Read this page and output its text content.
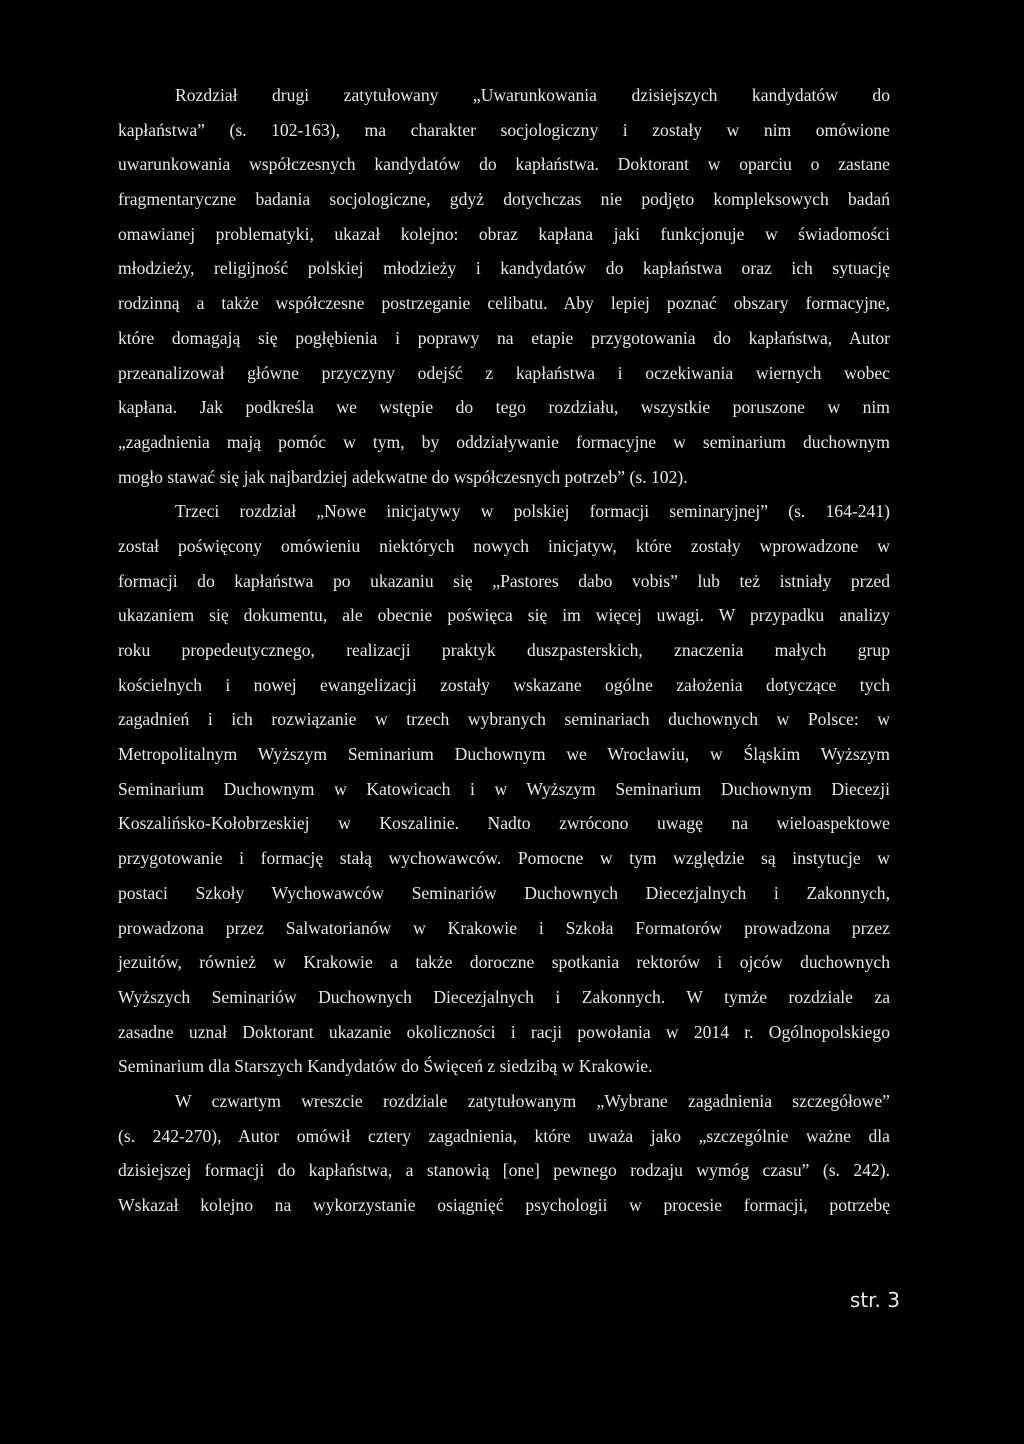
Rozdział drugi zatytułowany „Uwarunkowania dzisiejszych kandydatów do
kapłaństwa” (s. 102-163), ma charakter socjologiczny i zostały w nim omówione
uwarunkowania współczesnych kandydatów do kapłaństwa. Doktorant w oparciu o zastane
fragmentaryczne badania socjologiczne, gdyż dotychczas nie podjęto kompleksowych badań
omawianej problematyki, ukazał kolejno: obraz kapłana jaki funkcjonuje w świadomości
młodzieży, religijność polskiej młodzieży i kandydatów do kapłaństwa oraz ich sytuację
rodzinną a także współczesne postrzeganie celibatu. Aby lepiej poznać obszary formacyjne,
które domagają się pogłębienia i poprawy na etapie przygotowania do kapłaństwa, Autor
przeanalizował główne przyczyny odejść z kapłaństwa i oczekiwania wiernych wobec
kapłana. Jak podkreśla we wstępie do tego rozdziału, wszystkie poruszone w nim
„zagadnienia mają pomóc w tym, by oddziaływanie formacyjne w seminarium duchownym
mogło stawać się jak najbardziej adekwatne do współczesnych potrzeb” (s. 102).
Trzeci rozdział „Nowe inicjatywy w polskiej formacji seminaryjnej” (s. 164-241)
został poświęcony omówieniu niektórych nowych inicjatyw, które zostały wprowadzone w
formacji do kapłaństwa po ukazaniu się „Pastores dabo vobis” lub też istniały przed
ukazaniem się dokumentu, ale obecnie poświęca się im więcej uwagi. W przypadku analizy
roku propedeutycznego, realizacji praktyk duszpasterskich, znaczenia małych grup
kościelnych i nowej ewangelizacji zostały wskazane ogólne założenia dotyczące tych
zagadnień i ich rozwiązanie w trzech wybranych seminariach duchownych w Polsce: w
Metropolitalnym Wyższym Seminarium Duchownym we Wrocławiu, w Śląskim Wyższym
Seminarium Duchownym w Katowicach i w Wyższym Seminarium Duchownym Diecezji
Koszalińsko-Kołobrzeskiej w Koszalinie. Nadto zwrócono uwagę na wieloaspektowe
przygotowanie i formację stałą wychowawców. Pomocne w tym względzie są instytucje w
postaci Szkoły Wychowawców Seminariów Duchownych Diecezjalnych i Zakonnych,
prowadzona przez Salwatorianów w Krakowie i Szkoła Formatorów prowadzona przez
jezuitów, również w Krakowie a także doroczne spotkania rektorów i ojców duchownych
Wyższych Seminariów Duchownych Diecezjalnych i Zakonnych. W tymże rozdziale za
zasadne uznał Doktorant ukazanie okoliczności i racji powołania w 2014 r. Ogólnopolskiego
Seminarium dla Starszych Kandydatów do Święceń z siedzibą w Krakowie.
W czwartym wreszcie rozdziale zatytułowanym „Wybrane zagadnienia szczegółowe”
(s. 242-270), Autor omówił cztery zagadnienia, które uważa jako „szczególnie ważne dla
dzisiejszej formacji do kapłaństwa, a stanowią [one] pewnego rodzaju wymóg czasu” (s. 242).
Wskazał kolejno na wykorzystanie osiągnięć psychologii w procesie formacji, potrzebę
str. 3
